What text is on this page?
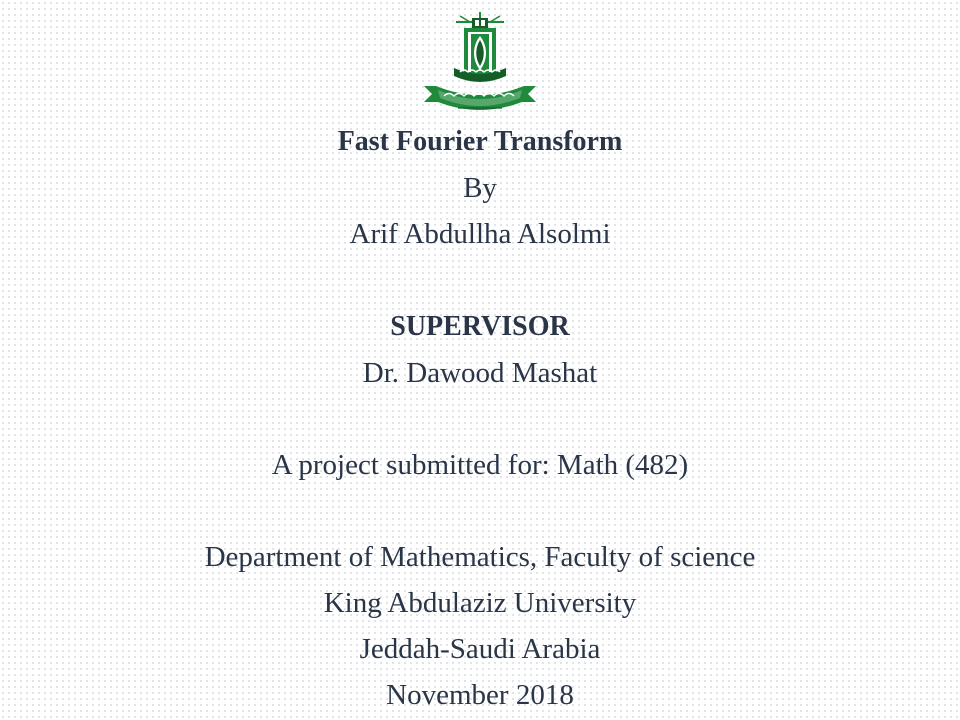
Fast Fourier Transform
By
Arif Abdullha Alsolmi
SUPERVISOR
Dr. Dawood Mashat
A project submitted for: Math (482)
Department of Mathematics, Faculty of science
King Abdulaziz University
Jeddah-Saudi Arabia
November 2018
